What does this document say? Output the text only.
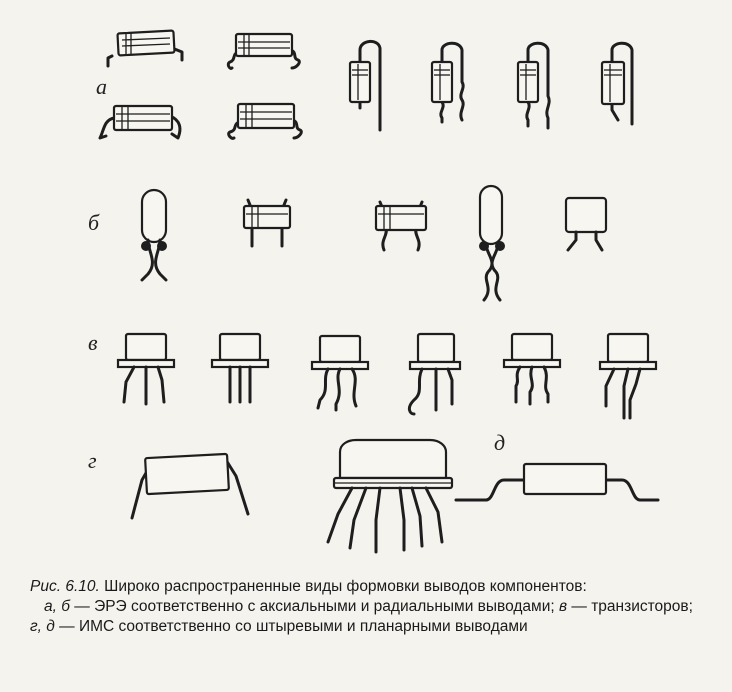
а
б
в
г
д
Рис. 6.10. Широко распространенные виды формовки выводов компонентов:
а, б — ЭРЭ соответственно с аксиальными и радиальными выводами; в — транзисторов;
г, д — ИМС соответственно со штыревыми и планарными выводами
